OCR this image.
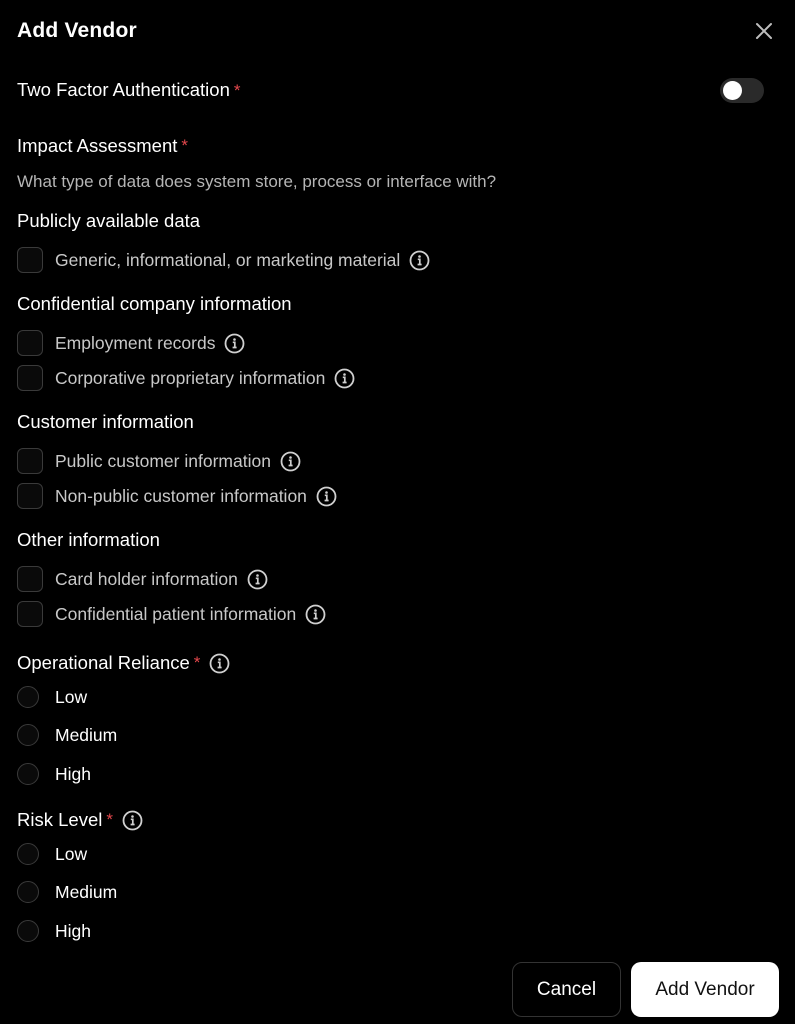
Add Vendor
Two Factor Authentication *
Impact Assessment *
What type of data does system store, process or interface with?
Publicly available data
Generic, informational, or marketing material
Confidential company information
Employment records
Corporative proprietary information
Customer information
Public customer information
Non-public customer information
Other information
Card holder information
Confidential patient information
Operational Reliance *
Low
Medium
High
Risk Level *
Low
Medium
High
Cancel	Add Vendor
